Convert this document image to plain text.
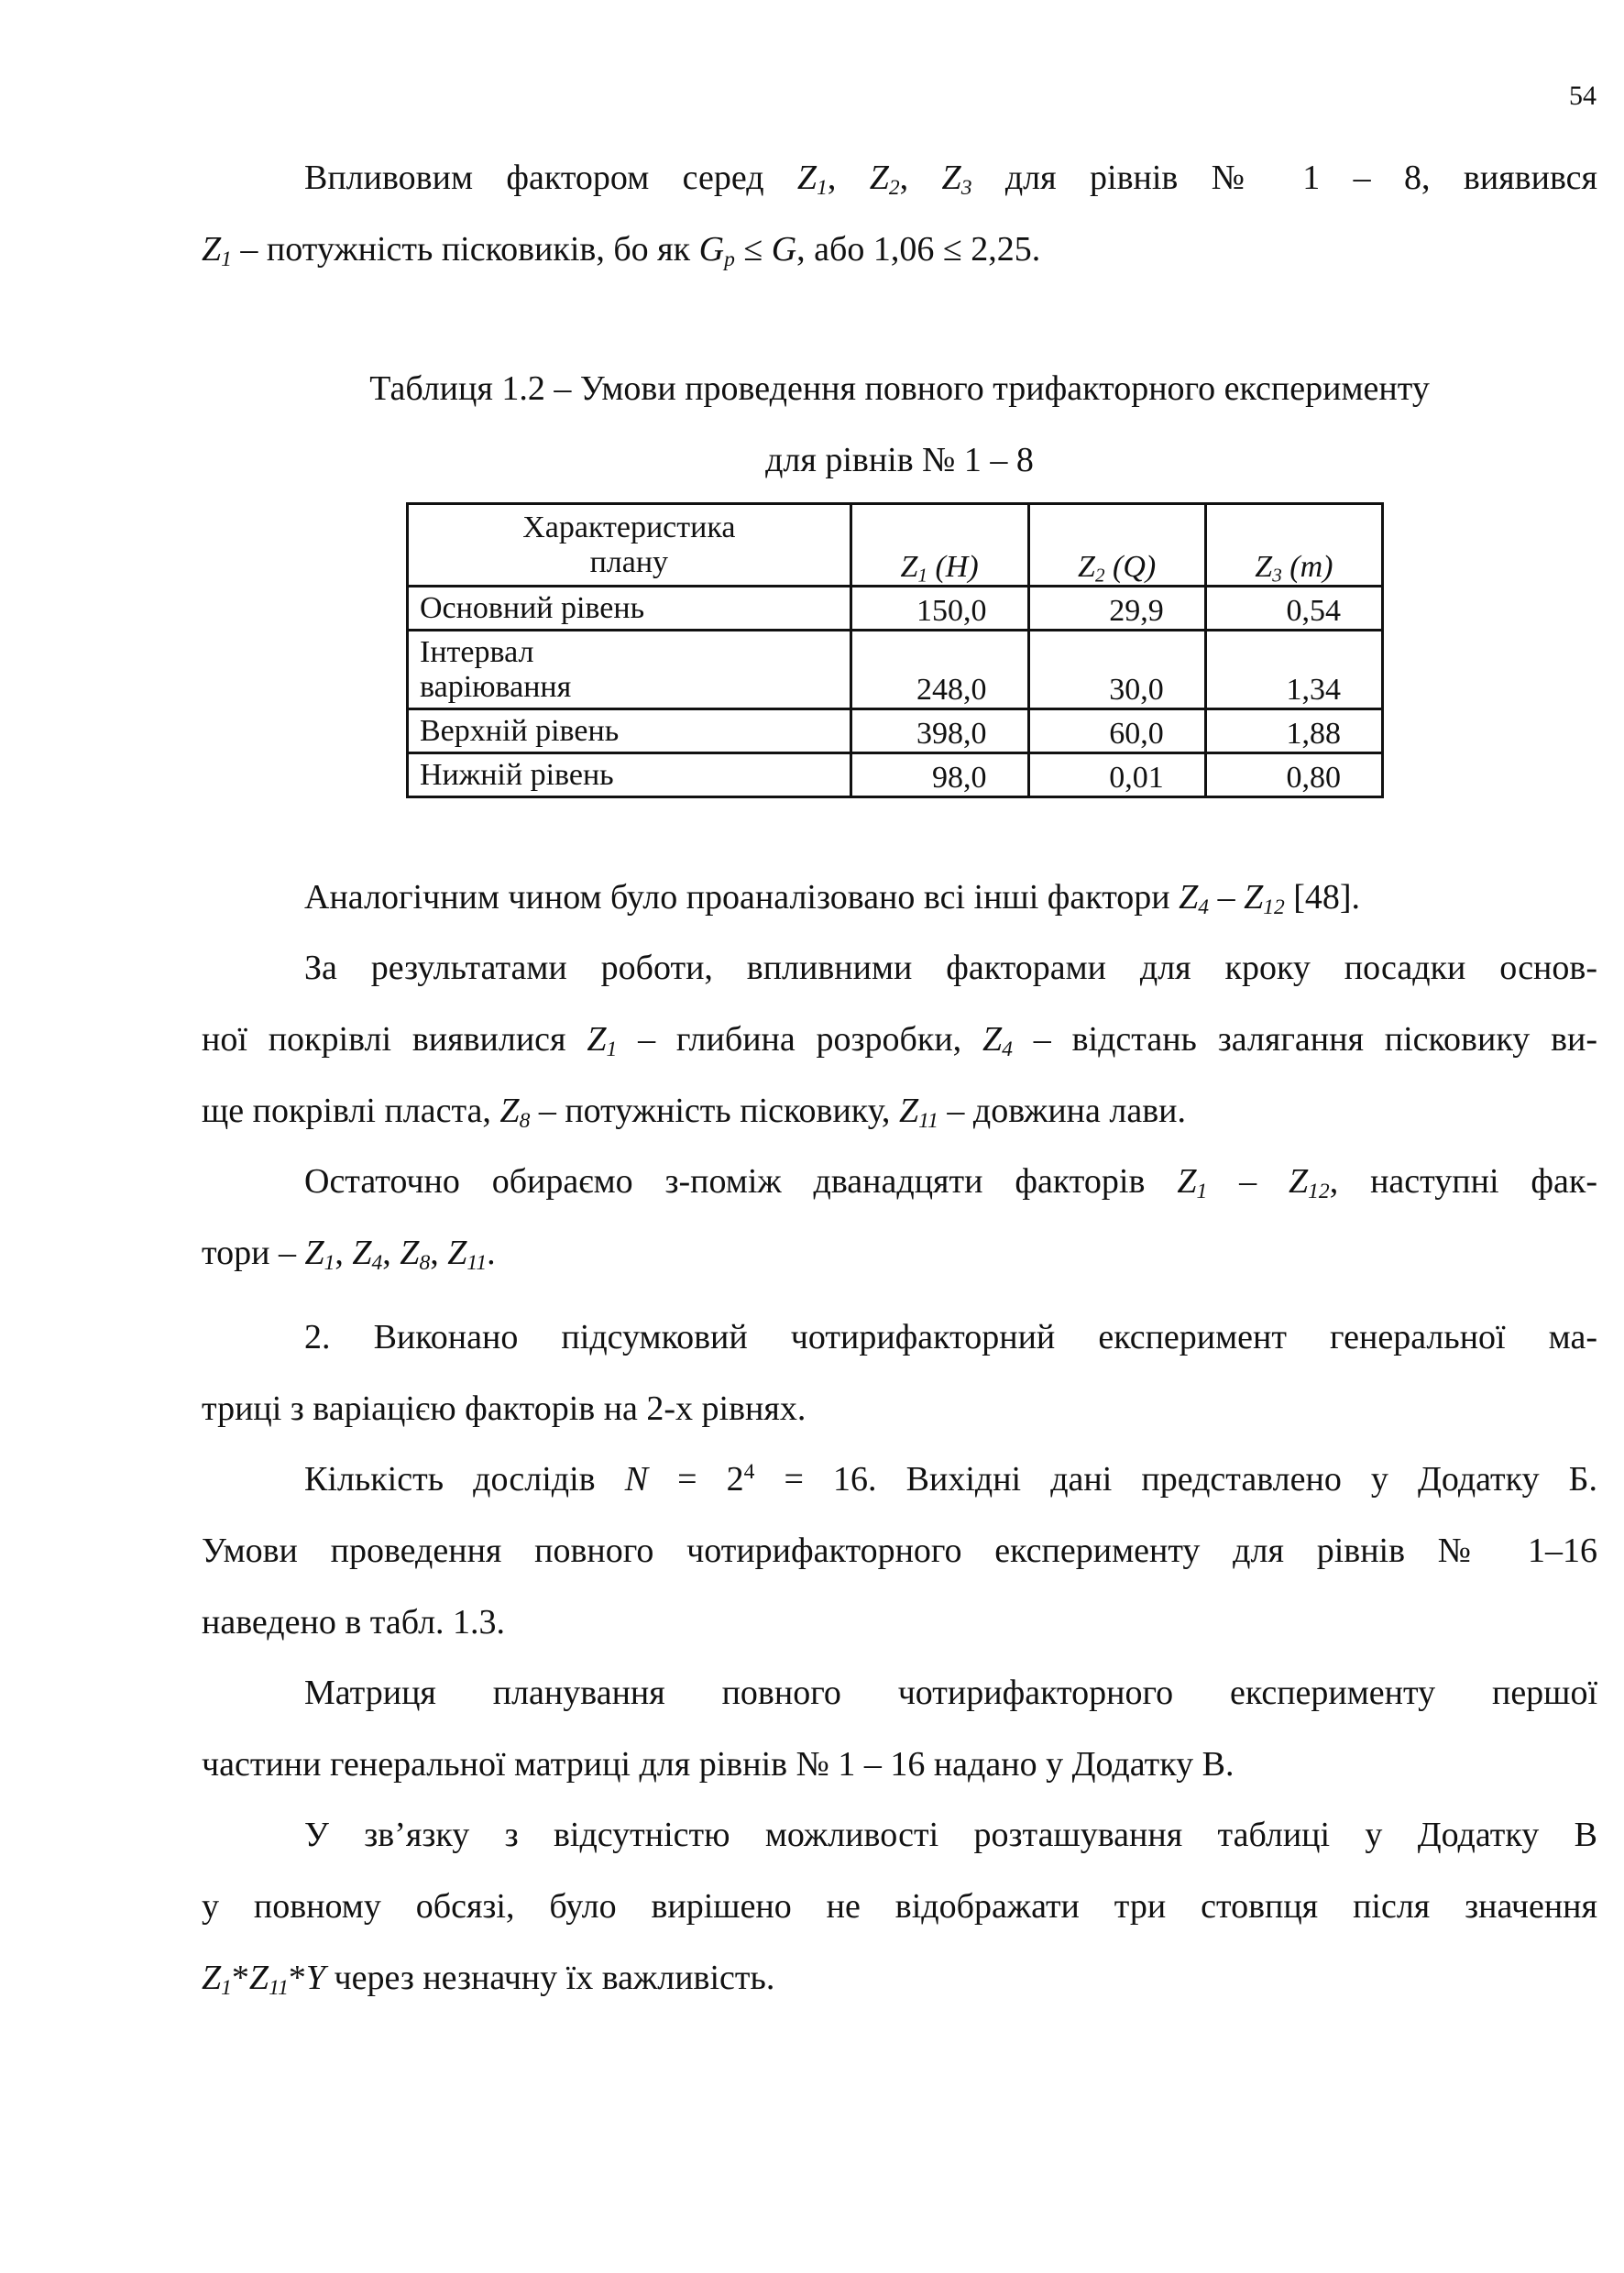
54

Впливовим фактором серед $Z_1$, $Z_2$, $Z_3$ для рівнів № 1 – 8, виявився
$Z_1$ – потужність пісковиків, бо як $G_p \le G$, або 1,06 ≤ 2,25.

Таблиця 1.2 – Умови проведення повного трифакторного експерименту
для рівнів № 1 – 8
Характеристика
плану	$Z_1$ (H)	$Z_2$ (Q)	$Z_3$ (m)
Основний рівень	150,0	29,9	0,54

Інтервал
варіювання	248,0	30,0	1,34
Верхній рівень	398,0	60,0	1,88
Нижній рівень	98,0	0,01	0,80

Аналогічним чином було проаналізовано всі інші фактори $Z_4 - Z_{12}$ [48].

За результатами роботи, впливними факторами для кроку посадки основ-
ної покрівлі виявилися $Z_1$ – глибина розробки, $Z_4$ – відстань залягання пісковику ви-
ще покрівлі пласта, $Z_8$ – потужність пісковику, $Z_{11}$ – довжина лави.

Остаточно обираємо з-поміж дванадцяти факторів $Z_1 - Z_{12}$, наступні фак-
тори – $Z_1$, $Z_4$, $Z_8$, $Z_{11}$.

2. Виконано підсумковий чотирифакторний експеримент генеральної ма-
триці з варіацією факторів на 2-х рівнях.

Кількість дослідів $N = 2^4 = 16$. Вихідні дані представлено у Додатку Б.
Умови проведення повного чотирифакторного експерименту для рівнів № 1–16
наведено в табл. 1.3.

Матриця планування повного чотирифакторного експерименту першої
частини генеральної матриці для рівнів № 1 – 16 надано у Додатку В.

У зв’язку з відсутністю можливості розташування таблиці у Додатку В
у повному обсязі, було вирішено не відображати три стовпця після значення
$Z_1*Z_{11}*Y$ через незначну їх важливість.
